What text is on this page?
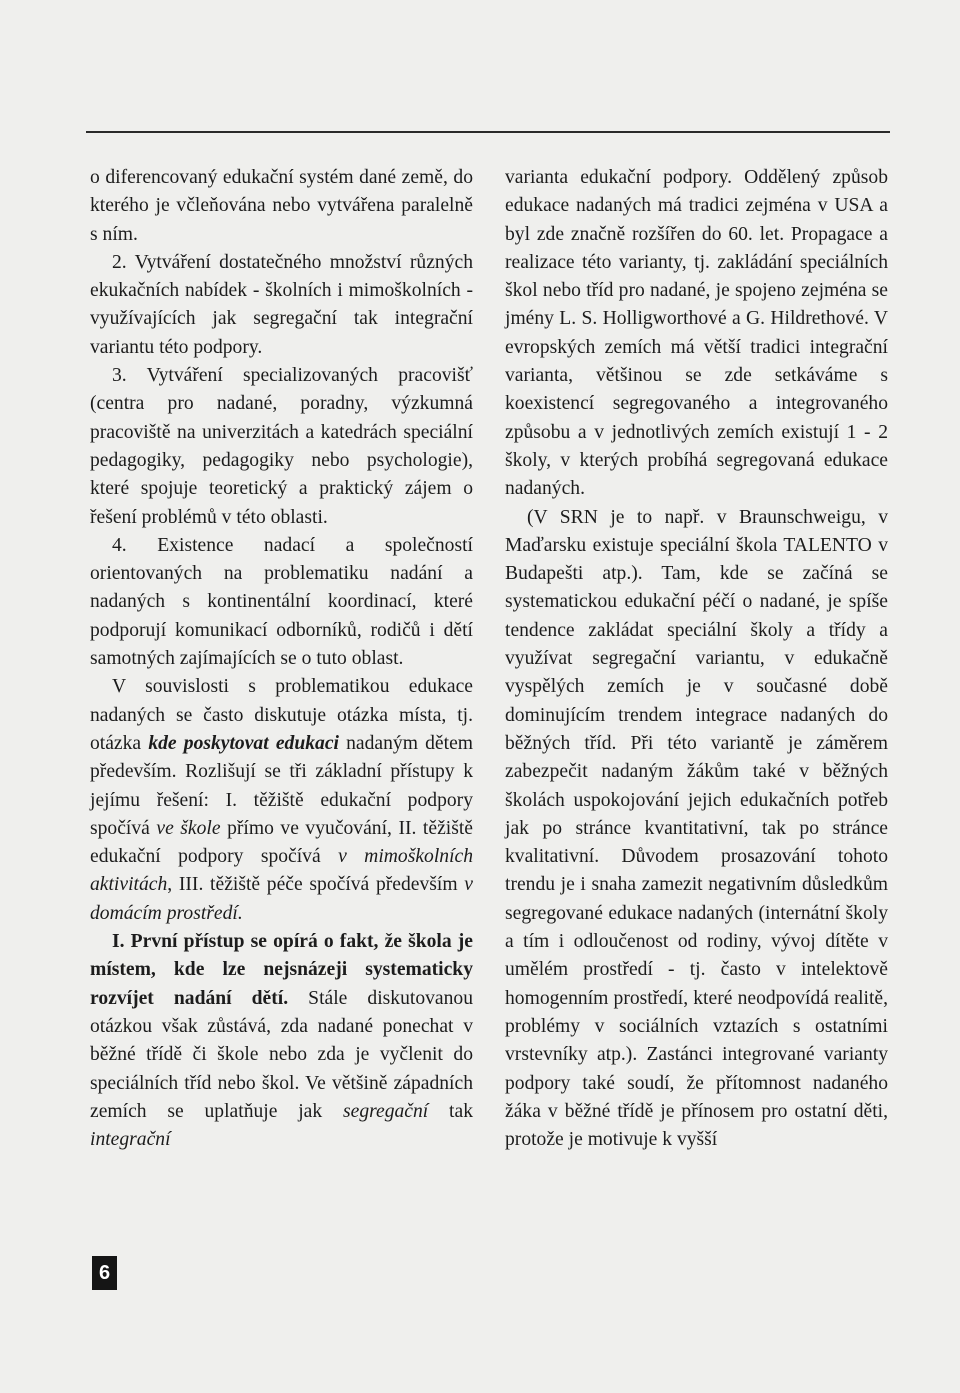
o diferencovaný edukační systém dané země, do kterého je včleňována nebo vytvářena paralelně s ním.

2. Vytváření dostatečného množství různých ekukačních nabídek - školních i mimoškolních - využívajících jak segregační tak integrační variantu této podpory.

3. Vytváření specializovaných pracovišť (centra pro nadané, poradny, výzkumná pracoviště na univerzitách a katedrách speciální pedagogiky, pedagogiky nebo psychologie), které spojuje teoretický a praktický zájem o řešení problémů v této oblasti.

4. Existence nadací a společností orientovaných na problematiku nadání a nadaných s kontinentální koordinací, které podporují komunikací odborníků, rodičů i dětí samotných zajímajících se o tuto oblast.

V souvislosti s problematikou edukace nadaných se často diskutuje otázka místa, tj. otázka kde poskytovat edukaci nadaným dětem především. Rozlišují se tři základní přístupy k jejímu řešení: I. těžiště edukační podpory spočívá ve škole přímo ve vyučování, II. těžiště edukační podpory spočívá v mimoškolních aktivitách, III. těžiště péče spočívá především v domácím prostředí.

I. První přístup se opírá o fakt, že škola je místem, kde lze nejsnázeji systematicky rozvíjet nadání dětí. Stále diskutovanou otázkou však zůstává, zda nadané ponechat v běžné třídě či škole nebo zda je vyčlenit do speciálních tříd nebo škol. Ve většině západních zemích se uplatňuje jak segregační tak integrační

varianta edukační podpory. Oddělený způsob edukace nadaných má tradici zejména v USA a byl zde značně rozšířen do 60. let. Propagace a realizace této varianty, tj. zakládání speciálních škol nebo tříd pro nadané, je spojeno zejména se jmény L. S. Holligworthové a G. Hildrethové. V evropských zemích má větší tradici integrační varianta, většinou se zde setkáváme s koexistencí segregovaného a integrovaného způsobu a v jednotlivých zemích existují 1 - 2 školy, v kterých probíhá segregovaná edukace nadaných.

(V SRN je to např. v Braunschweigu, v Maďarsku existuje speciální škola TALENTO v Budapešti atp.). Tam, kde se začíná se systematickou edukační péčí o nadané, je spíše tendence zakládat speciální školy a třídy a využívat segregační variantu, v edukačně vyspělých zemích je v současné době dominujícím trendem integrace nadaných do běžných tříd. Při této variantě je záměrem zabezpečit nadaným žákům také v běžných školách uspokojování jejich edukačních potřeb jak po stránce kvantitativní, tak po stránce kvalitativní. Důvodem prosazování tohoto trendu je i snaha zamezit negativním důsledkům segregované edukace nadaných (internátní školy a tím i odloučenost od rodiny, vývoj dítěte v umělém prostředí - tj. často v intelektově homogenním prostředí, které neodpovídá realitě, problémy v sociálních vztazích s ostatními vrstevníky atp.). Zastánci integrované varianty podpory také soudí, že přítomnost nadaného žáka v běžné třídě je přínosem pro ostatní děti, protože je motivuje k vyšší

6
